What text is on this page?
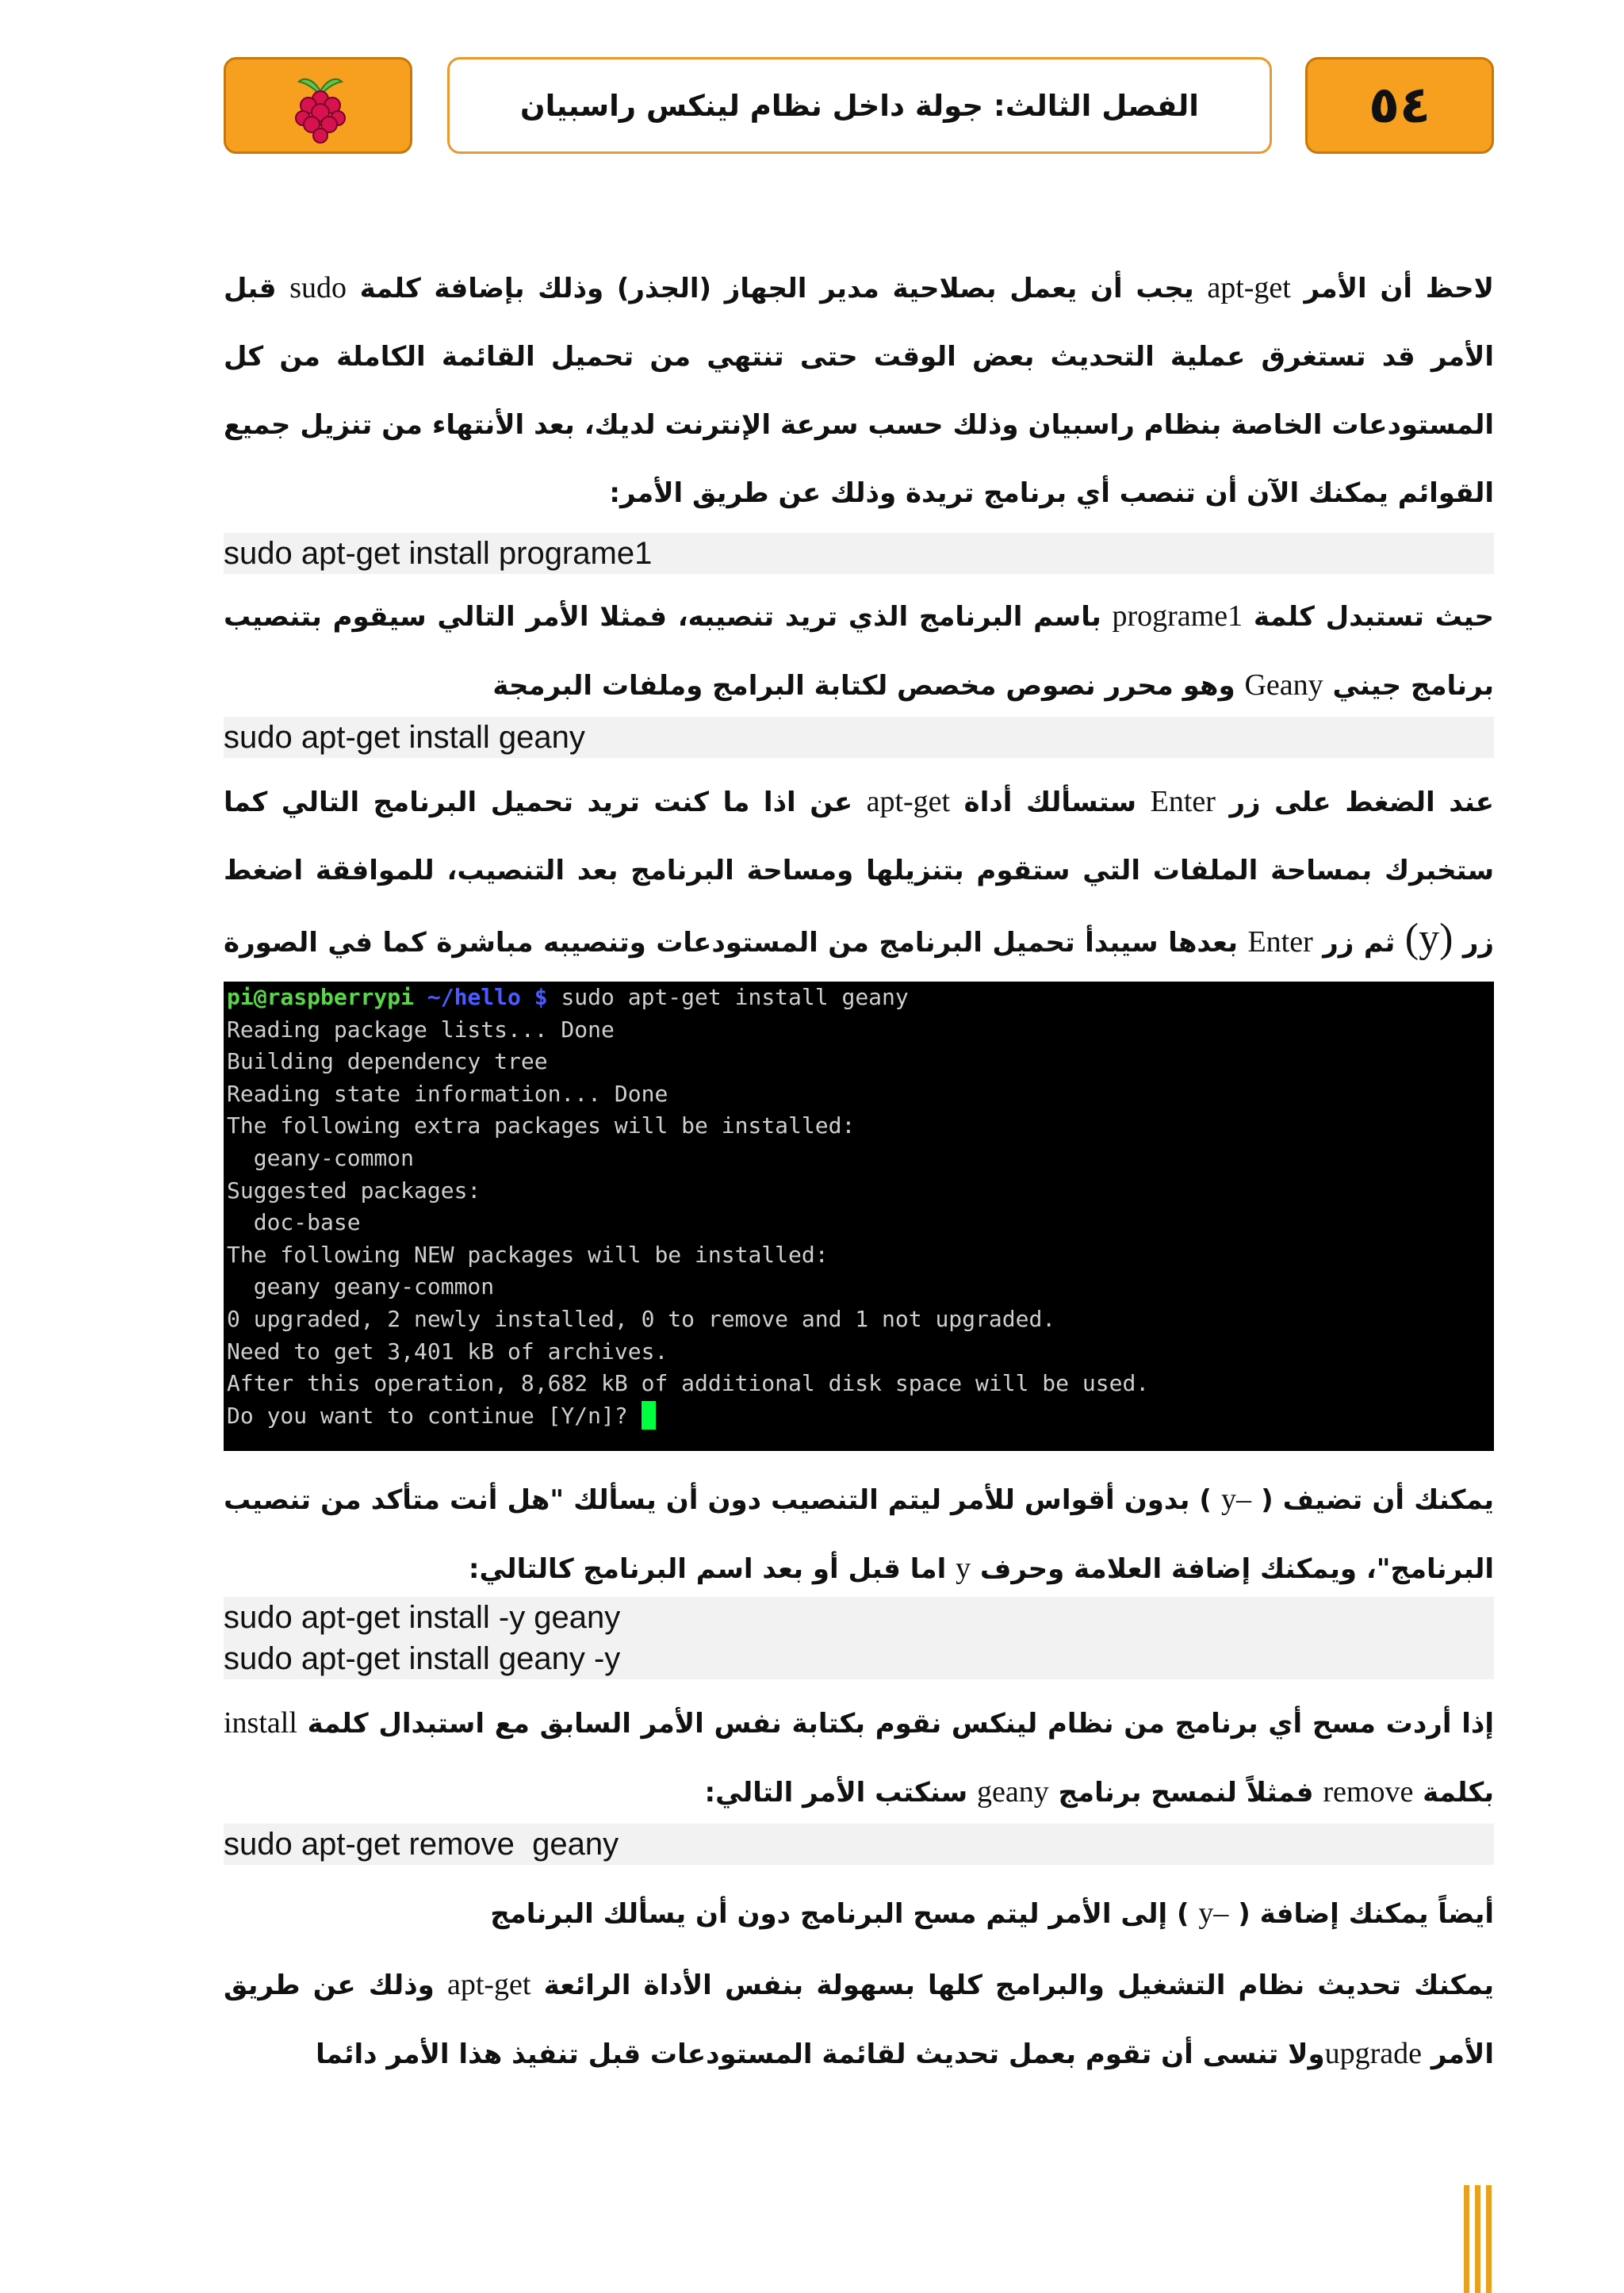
الفصل الثالث: جولة داخل نظام لينكس راسبيان	٥٤

لاحظ أن الأمر apt-get يجب أن يعمل بصلاحية مدير الجهاز (الجذر) وذلك بإضافة كلمة sudo قبل الأمر قد تستغرق عملية التحديث بعض الوقت حتى تنتهي من تحميل القائمة الكاملة من كل المستودعات الخاصة بنظام راسبيان وذلك حسب سرعة الإنترنت لديك، بعد الأنتهاء من تنزيل جميع القوائم يمكنك الآن أن تنصب أي برنامج تريدة وذلك عن طريق الأمر:

sudo apt-get install programe1

حيث تستبدل كلمة programe1 باسم البرنامج الذي تريد تنصيبه، فمثلا الأمر التالي سيقوم بتنصيب برنامج جيني Geany وهو محرر نصوص مخصص لكتابة البرامج وملفات البرمجة

sudo apt-get install geany

عند الضغط على زر Enter ستسألك أداة apt-get عن اذا ما كنت تريد تحميل البرنامج التالي كما ستخبرك بمساحة الملفات التي ستقوم بتنزيلها ومساحة البرنامج بعد التنصيب، للموافقة اضغط زر (y) ثم زر Enter بعدها سيبدأ تحميل البرنامج من المستودعات وتنصيبه مباشرة كما في الصورة

pi@raspberrypi ~/hello $ sudo apt-get install geany
Reading package lists... Done
Building dependency tree
Reading state information... Done
The following extra packages will be installed:
geany-common
Suggested packages:
doc-base
The following NEW packages will be installed:
geany geany-common
0 upgraded, 2 newly installed, 0 to remove and 1 not upgraded.
Need to get 3,401 kB of archives.
After this operation, 8,682 kB of additional disk space will be used.
Do you want to continue [Y/n]?

يمكنك أن تضيف ( –y ) بدون أقواس للأمر ليتم التنصيب دون أن يسألك "هل أنت متأكد من تنصيب البرنامج"، ويمكنك إضافة العلامة وحرف y اما قبل أو بعد اسم البرنامج كالتالي:

sudo apt-get install -y geany
sudo apt-get install geany -y

إذا أردت مسح أي برنامج من نظام لينكس نقوم بكتابة نفس الأمر السابق مع استبدال كلمة install بكلمة remove فمثلاً لنمسح برنامج geany سنكتب الأمر التالي:

sudo apt-get remove  geany

أيضاً يمكنك إضافة ( –y ) إلى الأمر ليتم مسح البرنامج دون أن يسألك البرنامج

يمكنك تحديث نظام التشغيل والبرامج كلها بسهولة بنفس الأداة الرائعة apt-get وذلك عن طريق الأمر upgradeولا تنسى أن تقوم بعمل تحديث لقائمة المستودعات قبل تنفيذ هذا الأمر دائما
